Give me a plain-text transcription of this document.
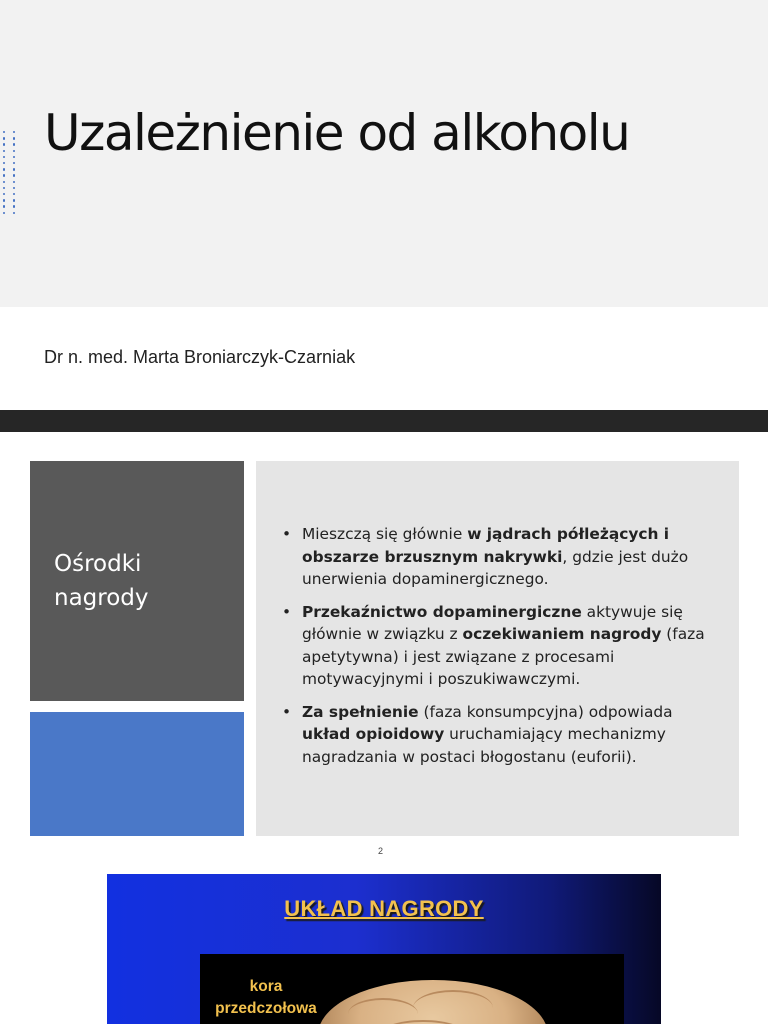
Uzależnienie od alkoholu
Dr n. med. Marta Broniarczyk-Czarniak
Ośrodki
nagrody
• Mieszczą się głównie w jądrach półleżących i obszarze brzusznym nakrywki, gdzie jest dużo unerwienia dopaminergicznego.
• Przekaźnictwo dopaminergiczne aktywuje się głównie w związku z oczekiwaniem nagrody (faza apetytywna) i jest związane z procesami motywacyjnymi i poszukiwawczymi.
• Za spełnienie (faza konsumpcyjna) odpowiada układ opioidowy uruchamiający mechanizmy nagradzania w postaci błogostanu (euforii).
2
UKŁAD NAGRODY
kora
przedczołowa
